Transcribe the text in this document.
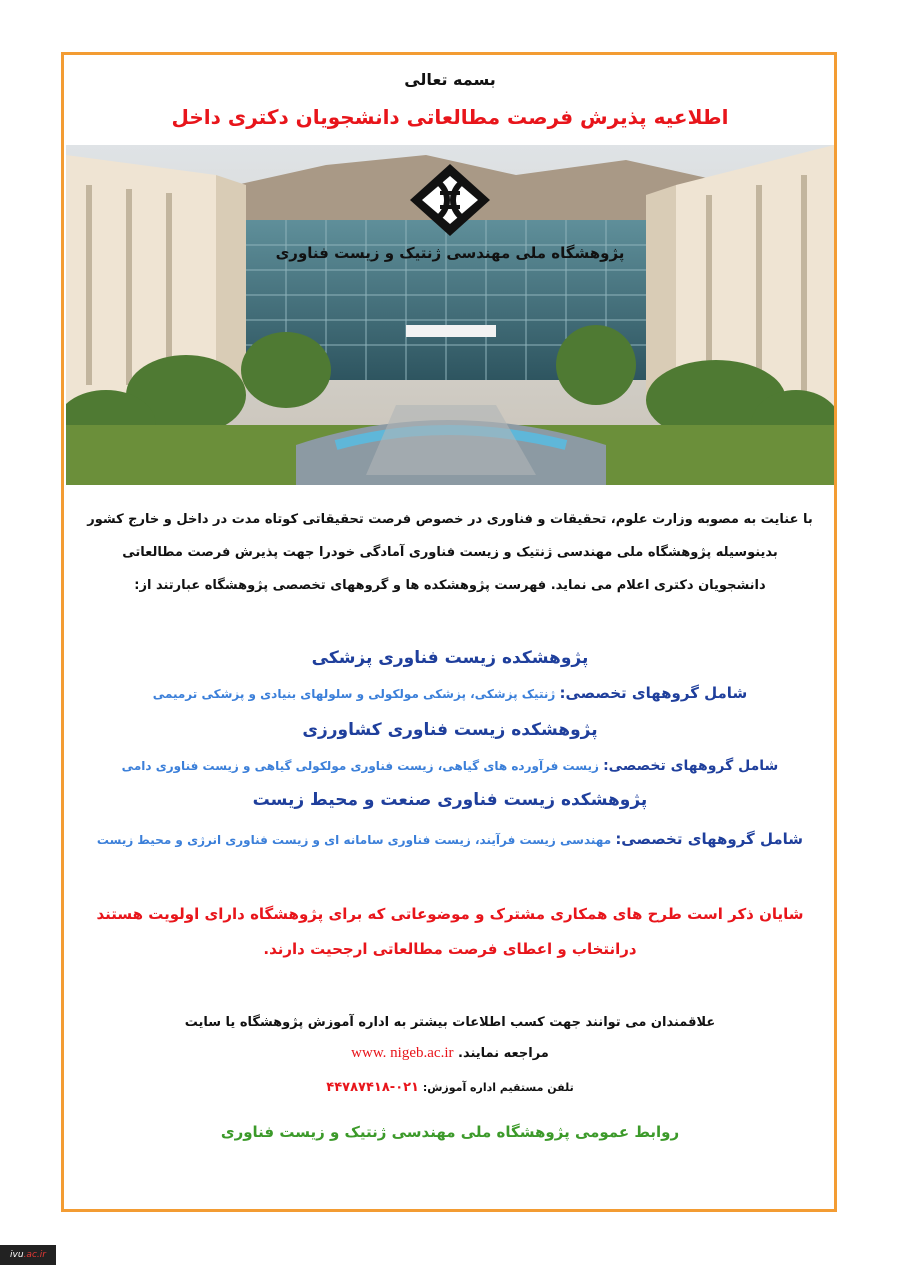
بسمه تعالی
اطلاعیه پذیرش فرصت مطالعاتی دانشجویان دکتری داخل
پژوهشگاه ملی مهندسی ژنتیک و زیست فناوری
با عنایت به مصوبه وزارت علوم، تحقیقات و فناوری در خصوص فرصت تحقیقاتی کوتاه مدت در داخل و خارج کشور
بدینوسیله پژوهشگاه ملی مهندسی ژنتیک و زیست فناوری آمادگی خودرا جهت پذیرش فرصت مطالعاتی
دانشجویان دکتری اعلام می نماید. فهرست پژوهشکده ها و گروههای تخصصی پژوهشگاه عبارتند از:
پژوهشکده زیست فناوری پزشکی
شامل گروههای تخصصی: ژنتیک پزشکی، پزشکی مولکولی و سلولهای بنیادی و پزشکی ترمیمی
پژوهشکده زیست فناوری کشاورزی
شامل گروههای تخصصی: زیست فرآورده های گیاهی، زیست فناوری مولکولی گیاهی و زیست فناوری دامی
پژوهشکده زیست فناوری صنعت و محیط زیست
شامل گروههای تخصصی: مهندسی زیست فرآیند، زیست فناوری سامانه ای و زیست فناوری انرژی و محیط زیست
شایان ذکر است طرح های همکاری مشترک و موضوعاتی که برای پژوهشگاه دارای اولویت هستند
درانتخاب و اعطای فرصت مطالعاتی ارجحیت دارند.
علاقمندان می توانند جهت کسب اطلاعات بیشتر به اداره آموزش پژوهشگاه یا سایت
مراجعه نمایند. www. nigeb.ac.ir
تلفن مستقیم اداره آموزش: ۰۲۱-۴۴۷۸۷۴۱۸
روابط عمومی پژوهشگاه ملی مهندسی ژنتیک و زیست فناوری
ivu.ac.ir
